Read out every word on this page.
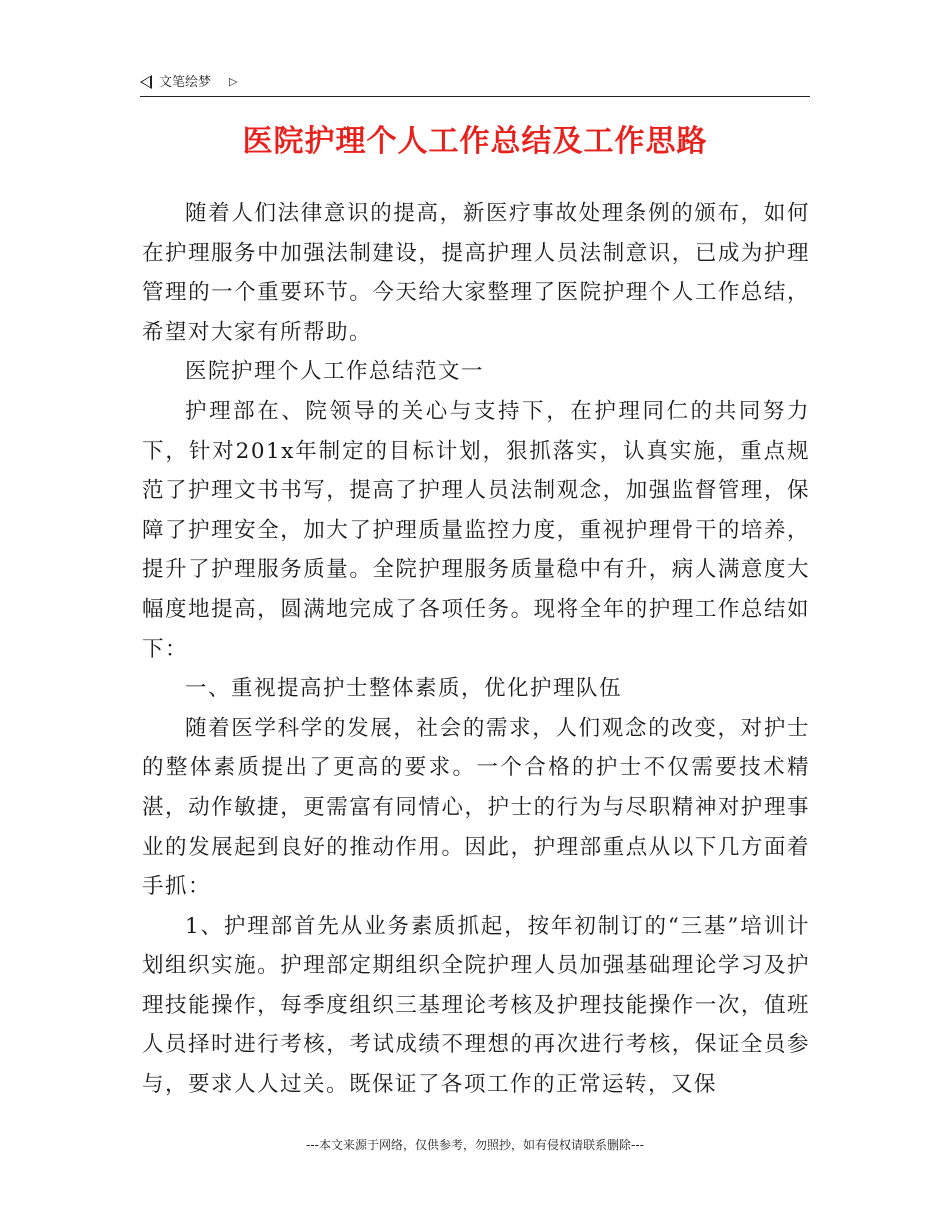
文笔绘梦 ▷
医院护理个人工作总结及工作思路

随着人们法律意识的提高，新医疗事故处理条例的颁布，如何在护理服务中加强法制建设，提高护理人员法制意识，已成为护理管理的一个重要环节。今天给大家整理了医院护理个人工作总结，希望对大家有所帮助。

医院护理个人工作总结范文一

护理部在、院领导的关心与支持下，在护理同仁的共同努力下，针对201x年制定的目标计划，狠抓落实，认真实施，重点规范了护理文书书写，提高了护理人员法制观念，加强监督管理，保障了护理安全，加大了护理质量监控力度，重视护理骨干的培养，提升了护理服务质量。全院护理服务质量稳中有升，病人满意度大幅度地提高，圆满地完成了各项任务。现将全年的护理工作总结如下：

一、重视提高护士整体素质，优化护理队伍

随着医学科学的发展，社会的需求，人们观念的改变，对护士的整体素质提出了更高的要求。一个合格的护士不仅需要技术精湛，动作敏捷，更需富有同情心，护士的行为与尽职精神对护理事业的发展起到良好的推动作用。因此，护理部重点从以下几方面着手抓：

1、护理部首先从业务素质抓起，按年初制订的“三基”培训计划组织实施。护理部定期组织全院护理人员加强基础理论学习及护理技能操作，每季度组织三基理论考核及护理技能操作一次，值班人员择时进行考核，考试成绩不理想的再次进行考核，保证全员参与，要求人人过关。既保证了各项工作的正常运转，又保

---本文来源于网络，仅供参考，勿照抄，如有侵权请联系删除---
